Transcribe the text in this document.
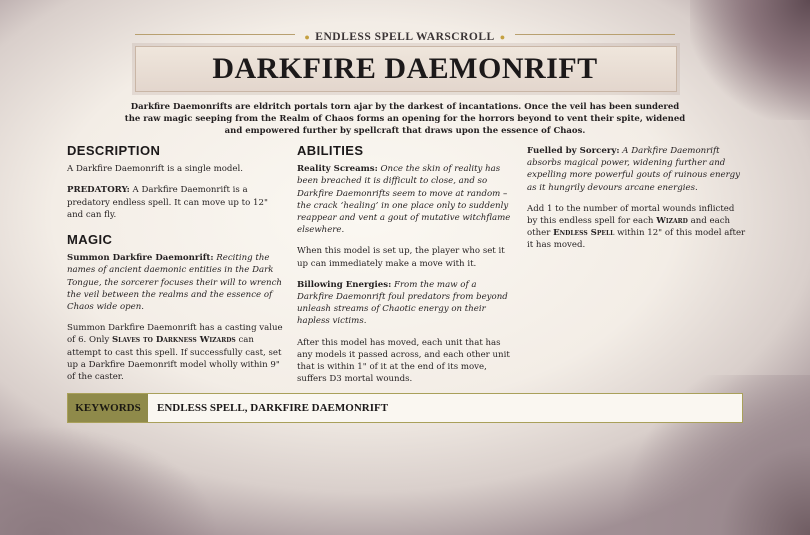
● ENDLESS SPELL WARSCROLL ●
DARKFIRE DAEMONRIFT
Darkfire Daemonrifts are eldritch portals torn ajar by the darkest of incantations. Once the veil has been sundered the raw magic seeping from the Realm of Chaos forms an opening for the horrors beyond to vent their spite, widened and empowered further by spellcraft that draws upon the essence of Chaos.
DESCRIPTION

A Darkfire Daemonrift is a single model.

PREDATORY: A Darkfire Daemonrift is a predatory endless spell. It can move up to 12" and can fly.

MAGIC

Summon Darkfire Daemonrift: Reciting the names of ancient daemonic entities in the Dark Tongue, the sorcerer focuses their will to wrench the veil between the realms and the essence of Chaos wide open.

Summon Darkfire Daemonrift has a casting value of 6. Only Slaves to Darkness Wizards can attempt to cast this spell. If successfully cast, set up a Darkfire Daemonrift model wholly within 9" of the caster.

ABILITIES

Reality Screams: Once the skin of reality has been breached it is difficult to close, and so Darkfire Daemonrifts seem to move at random – the crack ‘healing’ in one place only to suddenly reappear and vent a gout of mutative witchflame elsewhere.

When this model is set up, the player who set it up can immediately make a move with it.

Billowing Energies: From the maw of a Darkfire Daemonrift foul predators from beyond unleash streams of Chaotic energy on their hapless victims.

After this model has moved, each unit that has any models it passed across, and each other unit that is within 1" of it at the end of its move, suffers D3 mortal wounds.

Fuelled by Sorcery: A Darkfire Daemonrift absorbs magical power, widening further and expelling more powerful gouts of ruinous energy as it hungrily devours arcane energies.

Add 1 to the number of mortal wounds inflicted by this endless spell for each Wizard and each other Endless Spell within 12" of this model after it has moved.

KEYWORDS	ENDLESS SPELL, DARKFIRE DAEMONRIFT
